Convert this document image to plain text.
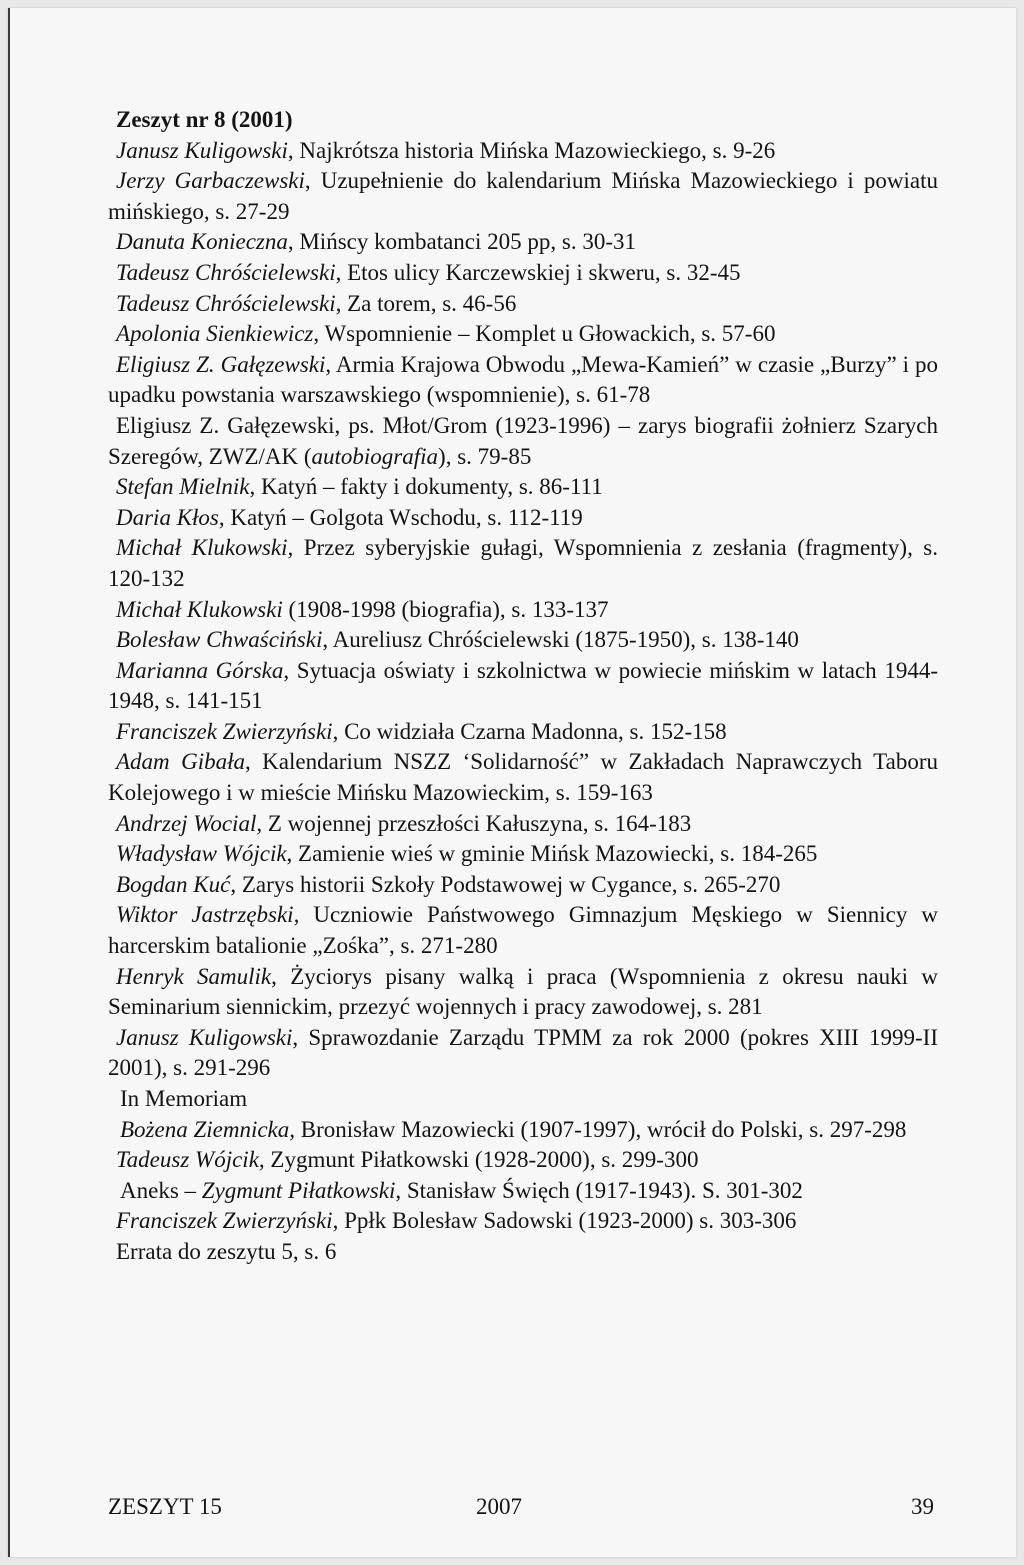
Zeszyt nr 8 (2001)

Janusz Kuligowski, Najkrótsza historia Mińska Mazowieckiego, s. 9-26

Jerzy Garbaczewski, Uzupełnienie do kalendarium Mińska Mazowieckiego i powiatu mińskiego, s. 27-29

Danuta Konieczna, Mińscy kombatanci 205 pp, s. 30-31

Tadeusz Chróścielewski, Etos ulicy Karczewskiej i skweru, s. 32-45

Tadeusz Chróścielewski, Za torem, s. 46-56

Apolonia Sienkiewicz, Wspomnienie – Komplet u Głowackich, s. 57-60

Eligiusz Z. Gałęzewski, Armia Krajowa Obwodu „Mewa-Kamień” w czasie „Burzy” i po upadku powstania warszawskiego (wspomnienie), s. 61-78

Eligiusz Z. Gałęzewski, ps. Młot/Grom (1923-1996) – zarys biografii żołnierz Szarych Szeregów, ZWZ/AK (autobiografia), s. 79-85

Stefan Mielnik, Katyń – fakty i dokumenty, s. 86-111

Daria Kłos, Katyń – Golgota Wschodu, s. 112-119

Michał Klukowski, Przez syberyjskie gułagi, Wspomnienia z zesłania (fragmenty), s. 120-132

Michał Klukowski (1908-1998 (biografia), s. 133-137

Bolesław Chwaściński, Aureliusz Chróścielewski (1875-1950), s. 138-140

Marianna Górska, Sytuacja oświaty i szkolnictwa w powiecie mińskim w latach 1944-1948, s. 141-151

Franciszek Zwierzyński, Co widziała Czarna Madonna, s. 152-158

Adam Gibała, Kalendarium NSZZ ‘Solidarność” w Zakładach Naprawczych Taboru Kolejowego i w mieście Mińsku Mazowieckim, s. 159-163

Andrzej Wocial, Z wojennej przeszłości Kałuszyna, s. 164-183

Władysław Wójcik, Zamienie wieś w gminie Mińsk Mazowiecki, s. 184-265

Bogdan Kuć, Zarys historii Szkoły Podstawowej w Cygance, s. 265-270

Wiktor Jastrzębski, Uczniowie Państwowego Gimnazjum Męskiego w Siennicy w harcerskim batalionie „Zośka”, s. 271-280

Henryk Samulik, Życiorys pisany walką i praca (Wspomnienia z okresu nauki w Seminarium siennickim, przezyć wojennych i pracy zawodowej, s. 281

Janusz Kuligowski, Sprawozdanie Zarządu TPMM za rok 2000 (pokres XIII 1999-II 2001), s. 291-296

In Memoriam

Bożena Ziemnicka, Bronisław Mazowiecki (1907-1997), wrócił do Polski, s. 297-298

Tadeusz Wójcik, Zygmunt Piłatkowski (1928-2000), s. 299-300

Aneks – Zygmunt Piłatkowski, Stanisław Święch (1917-1943). S. 301-302

Franciszek Zwierzyński, Ppłk Bolesław Sadowski (1923-2000) s. 303-306

Errata do zeszytu 5, s. 6

ZESZYT 15	2007	39
